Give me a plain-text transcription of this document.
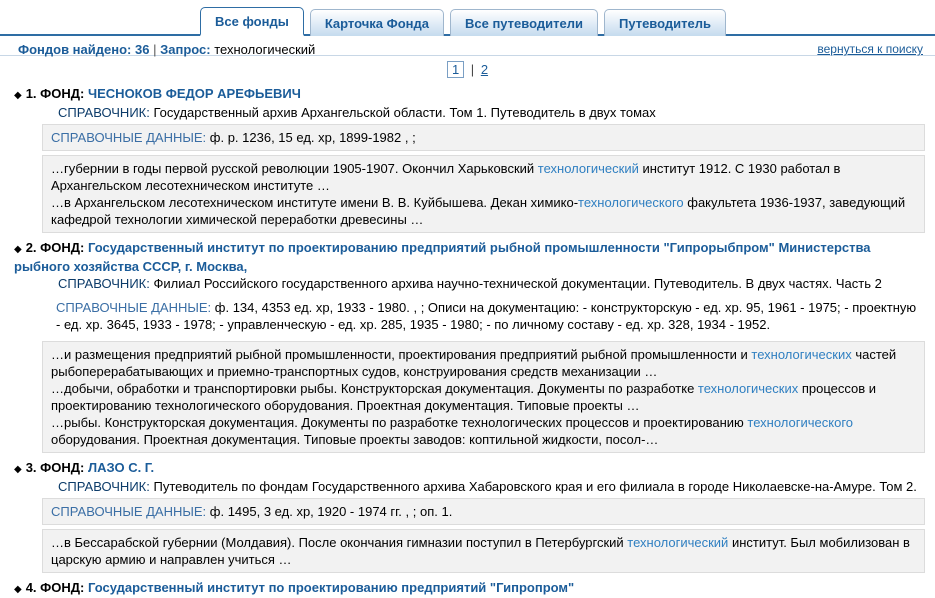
Все фонды	Карточка Фонда	Все путеводители	Путеводитель
Фондов найдено: 36 | Запрос: технологический	вернуться к поиску
1 | 2
◆ 1. ФОНД: ЧЕСНОКОВ ФЕДОР АРЕФЬЕВИЧ
СПРАВОЧНИК: Государственный архив Архангельской области. Том 1. Путеводитель в двух томах
СПРАВОЧНЫЕ ДАННЫЕ: ф. р. 1236, 15 ед. хр, 1899-1982 , ;

…губернии в годы первой русской революции 1905-1907. Окончил Харьковский технологический институт 1912. С 1930 работал в Архангельском лесотехническом институте …

…в Архангельском лесотехническом институте имени В. В. Куйбышева. Декан химико-технологического факультета 1936-1937, заведующий кафедрой технологии химической переработки древесины …

◆ 2. ФОНД: Государственный институт по проектированию предприятий рыбной промышленности "Гипрорыбпром" Министерства рыбного хозяйства СССР, г. Москва,
СПРАВОЧНИК: Филиал Российского государственного архива научно-технической документации. Путеводитель. В двух частях. Часть 2
СПРАВОЧНЫЕ ДАННЫЕ: ф. 134, 4353 ед. хр, 1933 - 1980. , ; Описи на документацию: - конструкторскую - ед. хр. 95, 1961 - 1975; - проектную - ед. хр. 3645, 1933 - 1978; - управленческую - ед. хр. 285, 1935 - 1980; - по личному составу - ед. хр. 328, 1934 - 1952.

…и размещения предприятий рыбной промышленности, проектирования предприятий рыбной промышленности и технологических частей рыбоперерабатывающих и приемно-транспортных судов, конструирования средств механизации …

…добычи, обработки и транспортировки рыбы. Конструкторская документация. Документы по разработке технологических процессов и проектированию технологического оборудования. Проектная документация. Типовые проекты …

…рыбы. Конструкторская документация. Документы по разработке технологических процессов и проектированию технологического оборудования. Проектная документация. Типовые проекты заводов: коптильной жидкости, посол-…

◆ 3. ФОНД: ЛАЗО С. Г.
СПРАВОЧНИК: Путеводитель по фондам Государственного архива Хабаровского края и его филиала в городе Николаевске-на-Амуре. Том 2.
СПРАВОЧНЫЕ ДАННЫЕ: ф. 1495, 3 ед. хр, 1920 - 1974 гг. , ; оп. 1.

…в Бессарабской губернии (Молдавия). После окончания гимназии поступил в Петербургский технологический институт. Был мобилизован в царскую армию и направлен учиться …

◆ 4. ФОНД: Государственный институт по проектированию предприятий "Гипропром"
